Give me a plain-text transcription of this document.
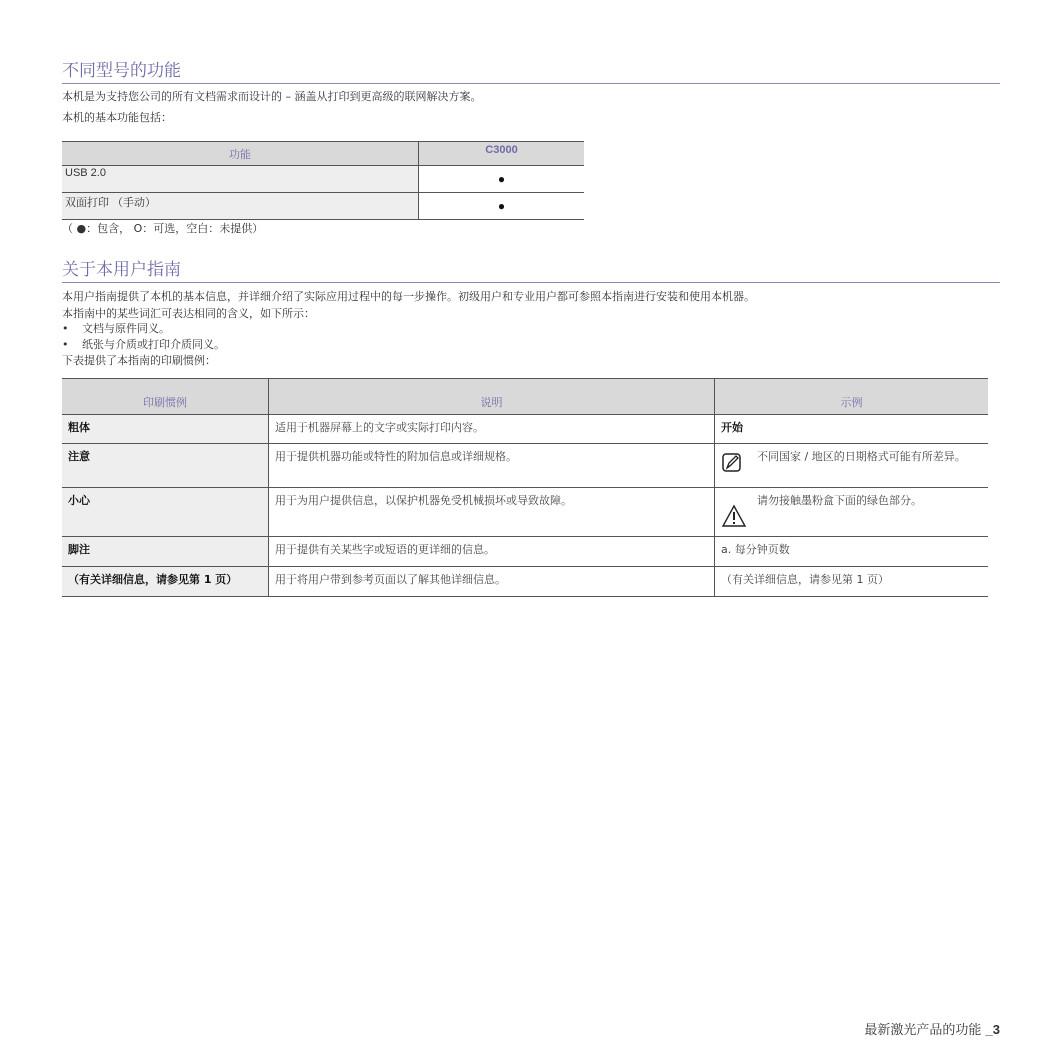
不同型号的功能
本机是为支持您公司的所有文档需求而设计的 – 涵盖从打印到更高级的联网解决方案。
本机的基本功能包括：
功能	C3000
USB 2.0	●
双面打印 （手动）	●
（ ●：包含， O：可选，空白：未提供）
关于本用户指南
本用户指南提供了本机的基本信息，并详细介绍了实际应用过程中的每一步操作。初级用户和专业用户都可参照本指南进行安装和使用本机器。
本指南中的某些词汇可表达相同的含义，如下所示：
• 文档与原件同义。
• 纸张与介质或打印介质同义。
下表提供了本指南的印刷惯例：
印刷惯例	说明	示例
粗体	适用于机器屏幕上的文字或实际打印内容。	开始
注意	用于提供机器功能或特性的附加信息或详细规格。	不同国家 / 地区的日期格式可能有所差异。

小心	用于为用户提供信息，以保护机器免受机械损坏或导致故障。	请勿接触墨粉盒下面的绿色部分。

脚注	用于提供有关某些字或短语的更详细的信息。	a. 每分钟页数
（有关详细信息，请参见第 1 页）	用于将用户带到参考页面以了解其他详细信息。	（有关详细信息，请参见第 1 页）
最新激光产品的功能 _3
